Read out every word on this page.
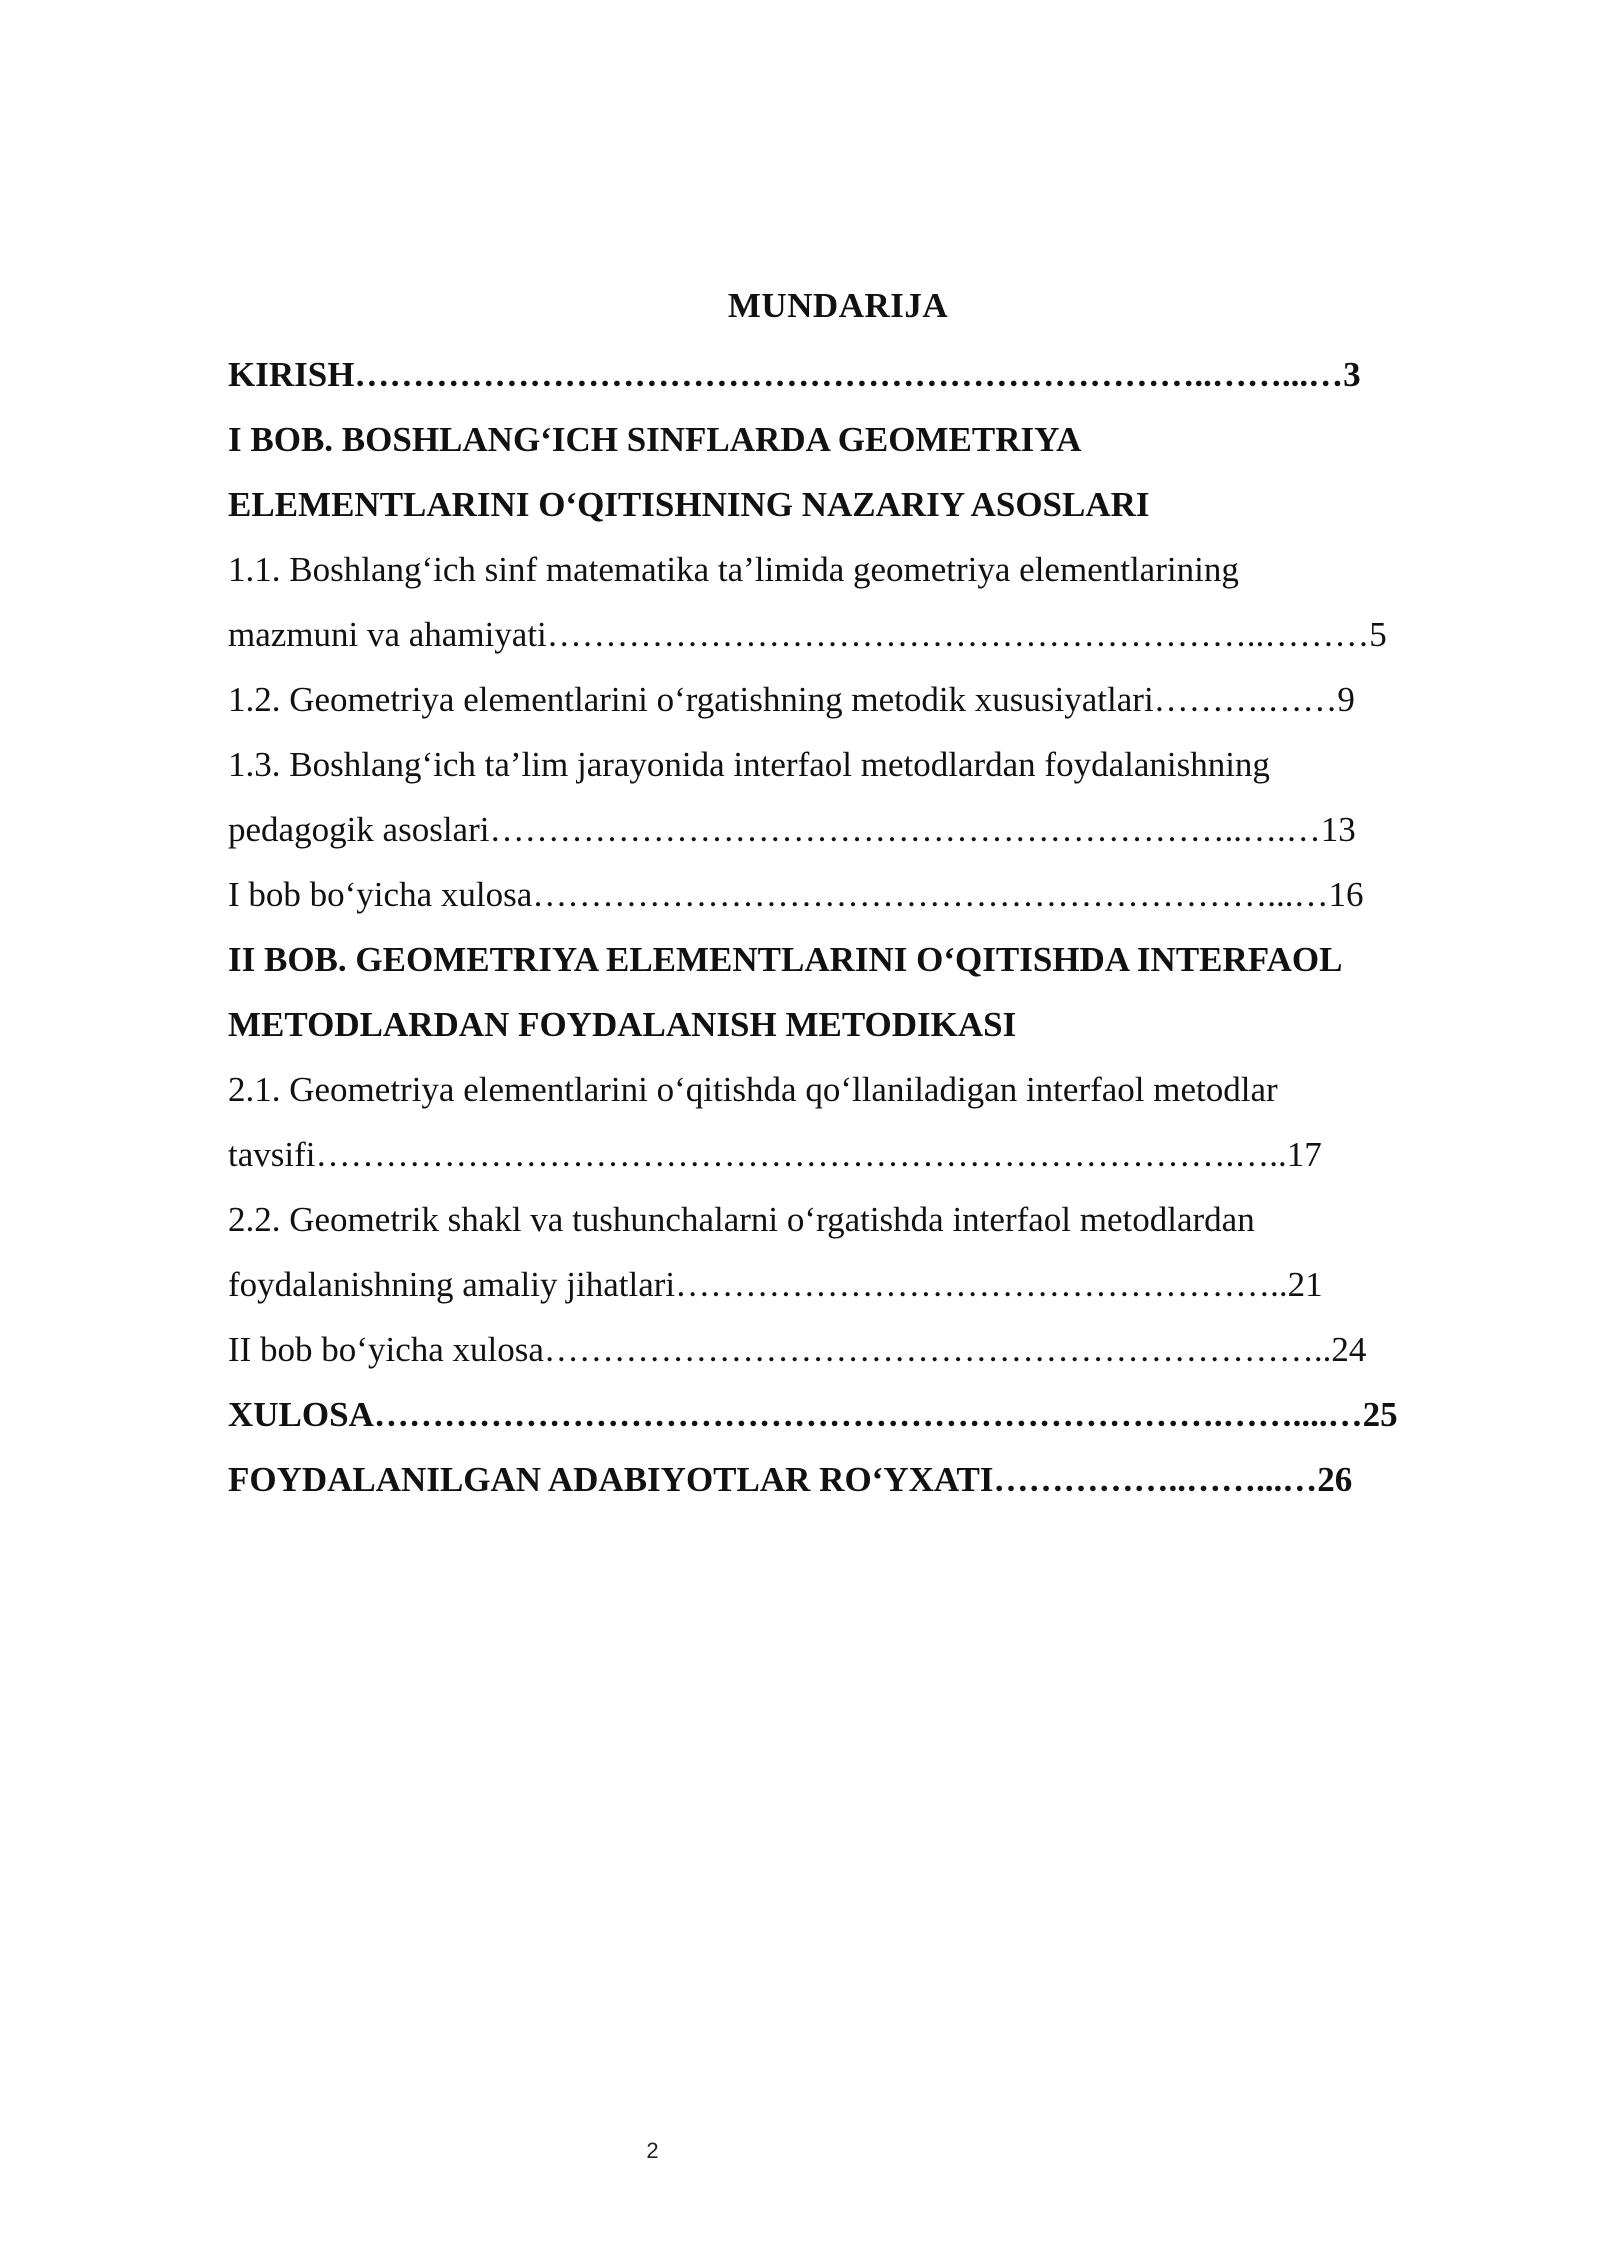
MUNDARIJA
KIRISH………………………………………………………………..……...…3
I BOB. BOSHLANG‘ICH SINFLARDA GEOMETRIYA
ELEMENTLARINI O‘QITISHNING NAZARIY ASOSLARI
1.1. Boshlang‘ich sinf matematika ta’limida geometriya elementlarining
mazmuni va ahamiyati……………………………………………………..………5
1.2. Geometriya elementlarini o‘rgatishning metodik xususiyatlari……….……9
1.3. Boshlang‘ich ta’lim jarayonida interfaol metodlardan foydalanishning
pedagogik asoslari………………………………………………………..….…13
I bob bo‘yicha xulosa………………………………………………………...…16
II BOB. GEOMETRIYA ELEMENTLARINI O‘QITISHDA INTERFAOL
METODLARDAN FOYDALANISH METODIKASI
2.1. Geometriya elementlarini o‘qitishda qo‘llaniladigan interfaol metodlar
tavsifi…………………………………………………………………….…..17
2.2. Geometrik shakl va tushunchalarni o‘rgatishda interfaol metodlardan
foydalanishning amaliy jihatlari……………………………………………..21
II bob bo‘yicha xulosa…………………………………………………………..24
XULOSA……………………………………………………………….……....…25
FOYDALANILGAN ADABIYOTLAR RO‘YXATI……………..……...…26
2
